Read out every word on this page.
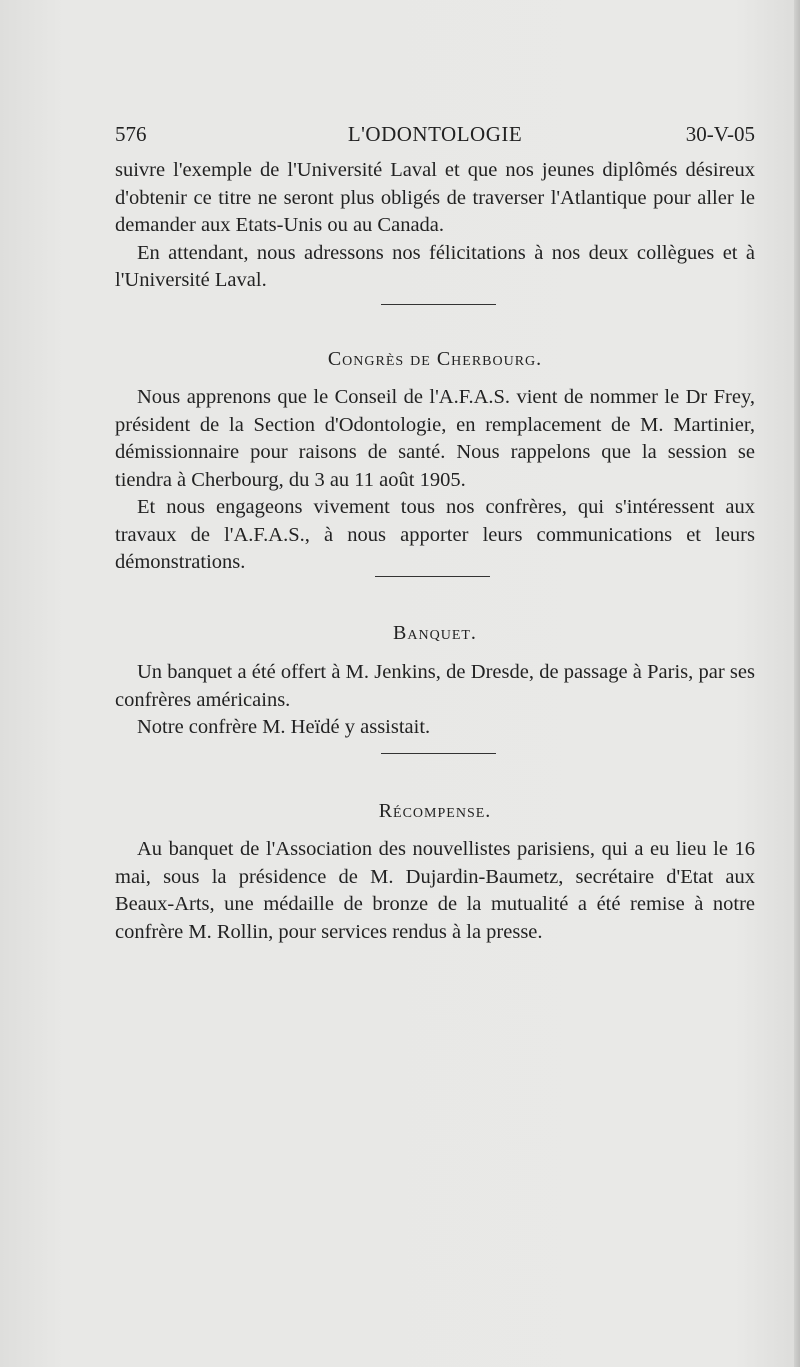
576	L'ODONTOLOGIE	30-V-05

suivre l'exemple de l'Université Laval et que nos jeunes diplômés désireux d'obtenir ce titre ne seront plus obligés de traverser l'Atlantique pour aller le demander aux Etats-Unis ou au Canada.

En attendant, nous adressons nos félicitations à nos deux collègues et à l'Université Laval.

Congrès de Cherbourg.

Nous apprenons que le Conseil de l'A.F.A.S. vient de nommer le Dr Frey, président de la Section d'Odontologie, en remplacement de M. Martinier, démissionnaire pour raisons de santé. Nous rappelons que la session se tiendra à Cherbourg, du 3 au 11 août 1905.

Et nous engageons vivement tous nos confrères, qui s'intéressent aux travaux de l'A.F.A.S., à nous apporter leurs communications et leurs démonstrations.

Banquet.

Un banquet a été offert à M. Jenkins, de Dresde, de passage à Paris, par ses confrères américains.

Notre confrère M. Heïdé y assistait.

Récompense.

Au banquet de l'Association des nouvellistes parisiens, qui a eu lieu le 16 mai, sous la présidence de M. Dujardin-Baumetz, secrétaire d'Etat aux Beaux-Arts, une médaille de bronze de la mutualité a été remise à notre confrère M. Rollin, pour services rendus à la presse.
